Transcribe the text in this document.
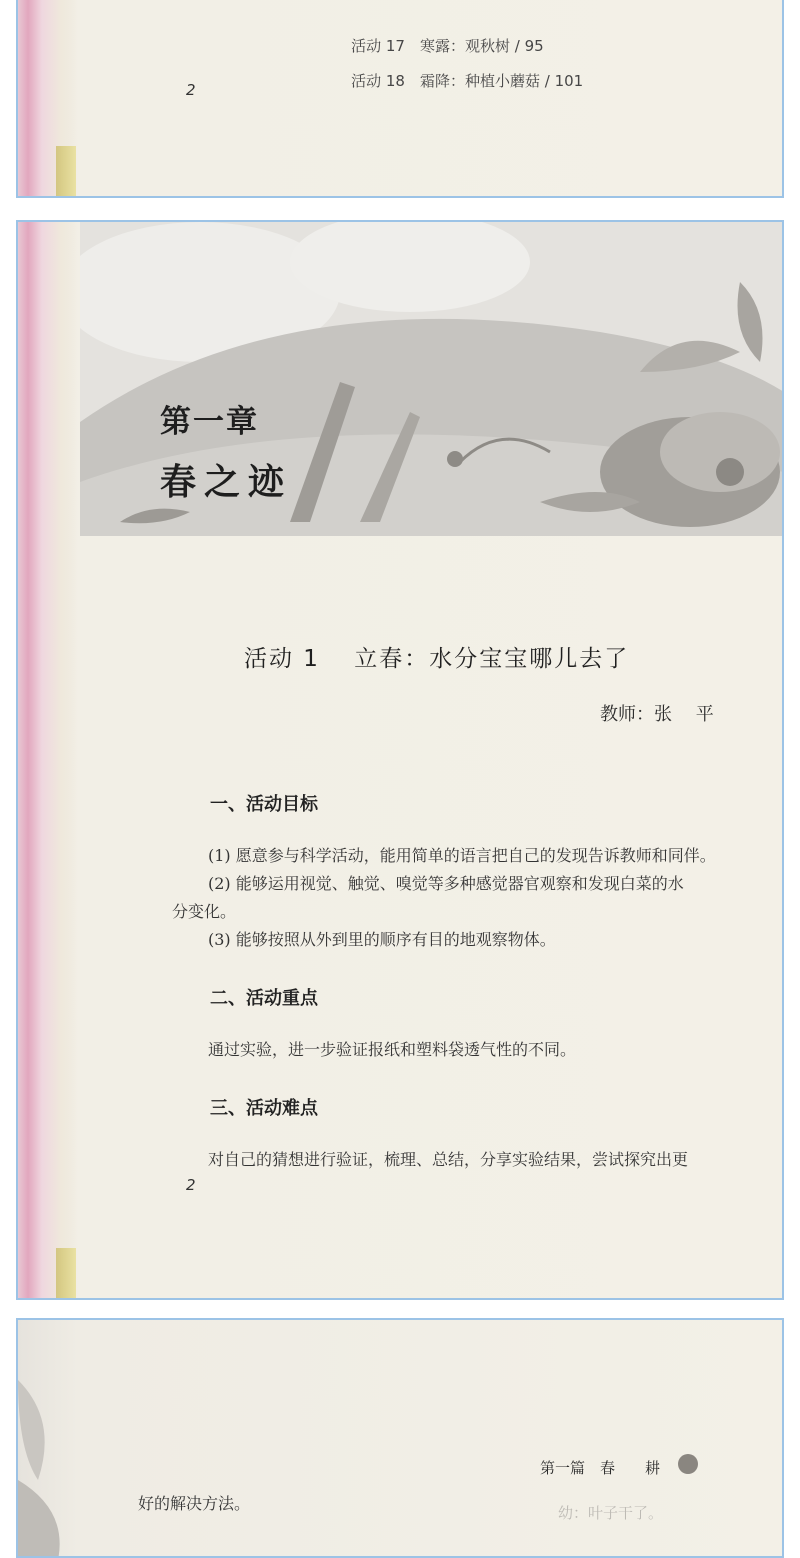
活动 17　 寒露：观秋树 / 95

活动 18　 霜降：种植小蘑菇 / 101

2
第一章
春之迹
活动 1　 立春：水分宝宝哪儿去了
教师：张　 平
一、活动目标
(1) 愿意参与科学活动，能用简单的语言把自己的发现告诉教师和同伴。
(2) 能够运用视觉、触觉、嗅觉等多种感觉器官观察和发现白菜的水
分变化。
(3) 能够按照从外到里的顺序有目的地观察物体。
二、活动重点
通过实验，进一步验证报纸和塑料袋透气性的不同。
三、活动难点
对自己的猜想进行验证，梳理、总结，分享实验结果，尝试探究出更
2
幼：叶子干了。
第一篇　春　　耕
好的解决方法。
